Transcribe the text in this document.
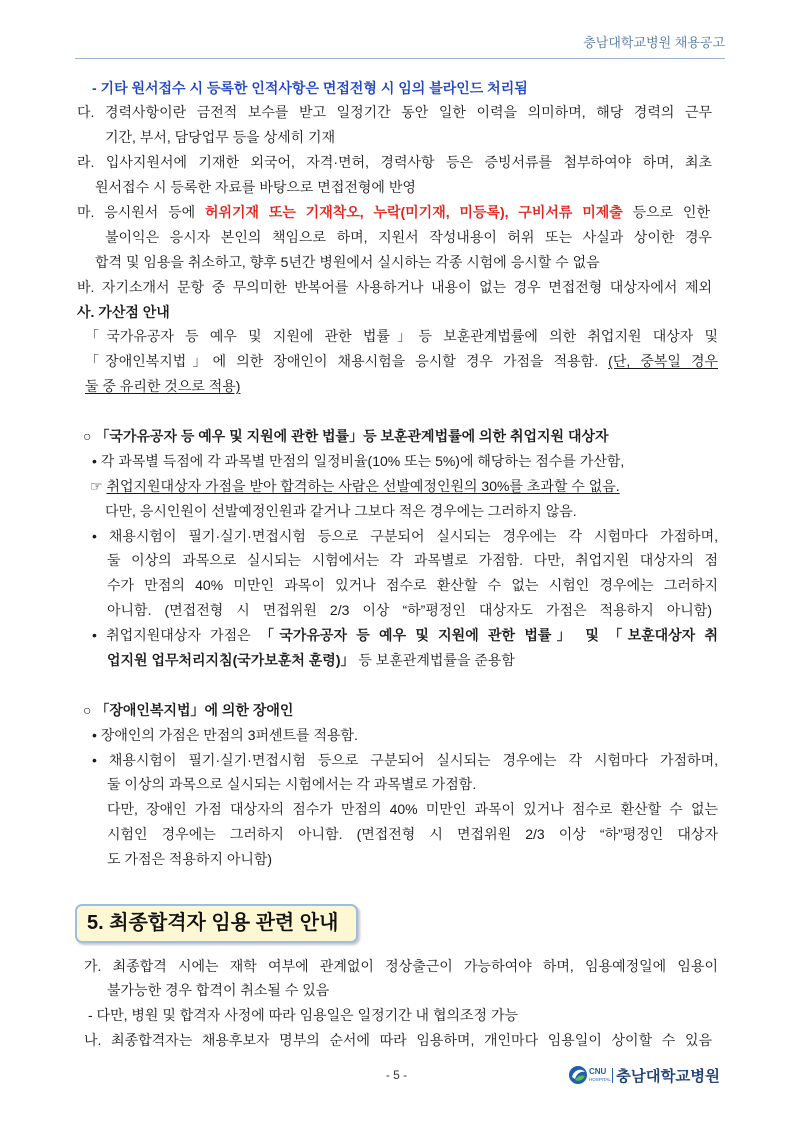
충남대학교병원 채용공고
- 기타 원서접수 시 등록한 인적사항은 면접전형 시 임의 블라인드 처리됨
다. 경력사항이란 금전적 보수를 받고 일정기간 동안 일한 이력을 의미하며, 해당 경력의 근무
기간, 부서, 담당업무 등을 상세히 기재
라. 입사지원서에 기재한 외국어, 자격·면허, 경력사항 등은 증빙서류를 첨부하여야 하며, 최초
원서접수 시 등록한 자료를 바탕으로 면접전형에 반영
마. 응시원서 등에 허위기재 또는 기재착오, 누락(미기재, 미등록), 구비서류 미제출 등으로 인한
불이익은 응시자 본인의 책임으로 하며, 지원서 작성내용이 허위 또는 사실과 상이한 경우
합격 및 임용을 취소하고, 향후 5년간 병원에서 실시하는 각종 시험에 응시할 수 없음
바. 자기소개서 문항 중 무의미한 반복어를 사용하거나 내용이 없는 경우 면접전형 대상자에서 제외
사. 가산점 안내
「국가유공자 등 예우 및 지원에 관한 법률」등 보훈관계법률에 의한 취업지원 대상자 및
「장애인복지법」에 의한 장애인이 채용시험을 응시할 경우 가점을 적용함. (단, 중복일 경우
둘 중 유리한 것으로 적용)
○ 「국가유공자 등 예우 및 지원에 관한 법률」등 보훈관계법률에 의한 취업지원 대상자
• 각 과목별 득점에 각 과목별 만점의 일정비율(10% 또는 5%)에 해당하는 점수를 가산함,
☞ 취업지원대상자 가점을 받아 합격하는 사람은 선발예정인원의 30%를 초과할 수 없음.
다만, 응시인원이 선발예정인원과 같거나 그보다 적은 경우에는 그러하지 않음.
• 채용시험이 필기·실기·면접시험 등으로 구분되어 실시되는 경우에는 각 시험마다 가점하며,
둘 이상의 과목으로 실시되는 시험에서는 각 과목별로 가점함. 다만, 취업지원 대상자의 점
수가 만점의 40% 미만인 과목이 있거나 점수로 환산할 수 없는 시험인 경우에는 그러하지
아니함. (면접전형 시 면접위원 2/3 이상 “하”평정인 대상자도 가점은 적용하지 아니함)
• 취업지원대상자 가점은 「국가유공자 등 예우 및 지원에 관한 법률」 및 「보훈대상자 취
업지원 업무처리지침(국가보훈처 훈령)」 등 보훈관계법률을 준용함
○ 「장애인복지법」에 의한 장애인
• 장애인의 가점은 만점의 3퍼센트를 적용함.
• 채용시험이 필기·실기·면접시험 등으로 구분되어 실시되는 경우에는 각 시험마다 가점하며,
둘 이상의 과목으로 실시되는 시험에서는 각 과목별로 가점함.
다만, 장애인 가점 대상자의 점수가 만점의 40% 미만인 과목이 있거나 점수로 환산할 수 없는
시험인 경우에는 그러하지 아니함. (면접전형 시 면접위원 2/3 이상 “하”평정인 대상자
도 가점은 적용하지 아니함)
5. 최종합격자 임용 관련 안내
가. 최종합격 시에는 재학 여부에 관계없이 정상출근이 가능하여야 하며, 임용예정일에 임용이
불가능한 경우 합격이 취소될 수 있음
- 다만, 병원 및 합격자 사정에 따라 임용일은 일정기간 내 협의조정 가능
나. 최종합격자는 채용후보자 명부의 순서에 따라 임용하며, 개인마다 임용일이 상이할 수 있음
- 5 -	CNU
HOSPITAL 충남대학교병원
